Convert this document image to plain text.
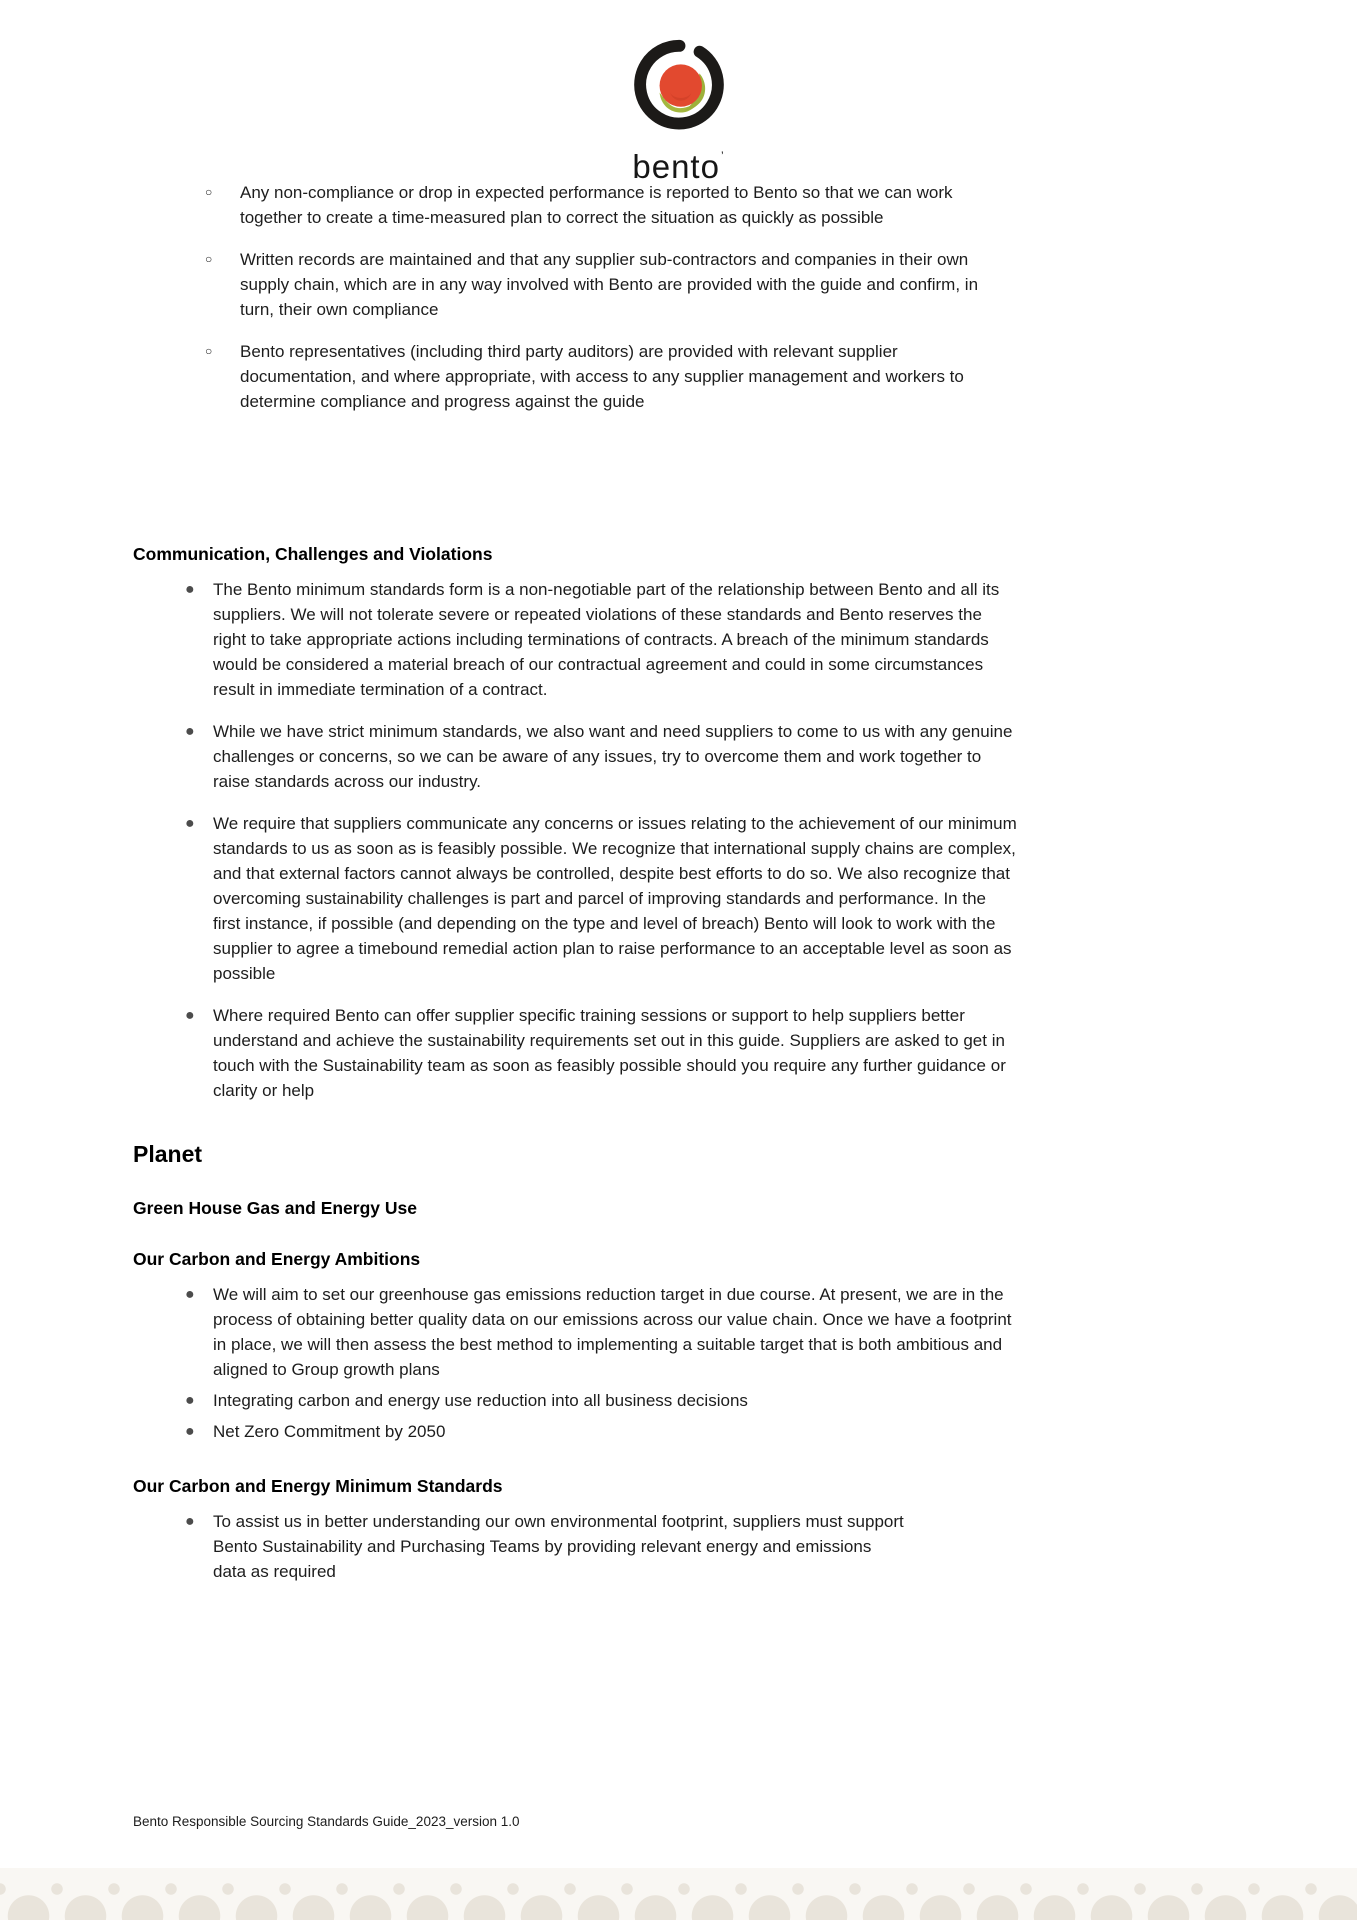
bento’
○	Any non-compliance or drop in expected performance is reported to Bento so that we can work together to create a time-measured plan to correct the situation as quickly as possible
○	Written records are maintained and that any supplier sub-contractors and companies in their own supply chain, which are in any way involved with Bento are provided with the guide and confirm, in turn, their own compliance
○	Bento representatives (including third party auditors) are provided with relevant supplier documentation, and where appropriate, with access to any supplier management and workers to determine compliance and progress against the guide
Communication, Challenges and Violations
●	The Bento minimum standards form is a non-negotiable part of the relationship between Bento and all its suppliers. We will not tolerate severe or repeated violations of these standards and Bento reserves the right to take appropriate actions including terminations of contracts. A breach of the minimum standards would be considered a material breach of our contractual agreement and could in some circumstances result in immediate termination of a contract.
●	While we have strict minimum standards, we also want and need suppliers to come to us with any genuine challenges or concerns, so we can be aware of any issues, try to overcome them and work together to raise standards across our industry.
●	We require that suppliers communicate any concerns or issues relating to the achievement of our minimum standards to us as soon as is feasibly possible. We recognize that international supply chains are complex, and that external factors cannot always be controlled, despite best efforts to do so. We also recognize that overcoming sustainability challenges is part and parcel of improving standards and performance. In the first instance, if possible (and depending on the type and level of breach) Bento will look to work with the supplier to agree a timebound remedial action plan to raise performance to an acceptable level as soon as possible
●	Where required Bento can offer supplier specific training sessions or support to help suppliers better understand and achieve the sustainability requirements set out in this guide. Suppliers are asked to get in touch with the Sustainability team as soon as feasibly possible should you require any further guidance or clarity or help
Planet
Green House Gas and Energy Use
Our Carbon and Energy Ambitions
●	We will aim to set our greenhouse gas emissions reduction target in due course. At present, we are in the process of obtaining better quality data on our emissions across our value chain. Once we have a footprint in place, we will then assess the best method to implementing a suitable target that is both ambitious and aligned to Group growth plans
●	Integrating carbon and energy use reduction into all business decisions
●	Net Zero Commitment by 2050
Our Carbon and Energy Minimum Standards
●	To assist us in better understanding our own environmental footprint, suppliers must support Bento Sustainability and Purchasing Teams by providing relevant energy and emissions data as required
Bento Responsible Sourcing Standards Guide_2023_version 1.0
